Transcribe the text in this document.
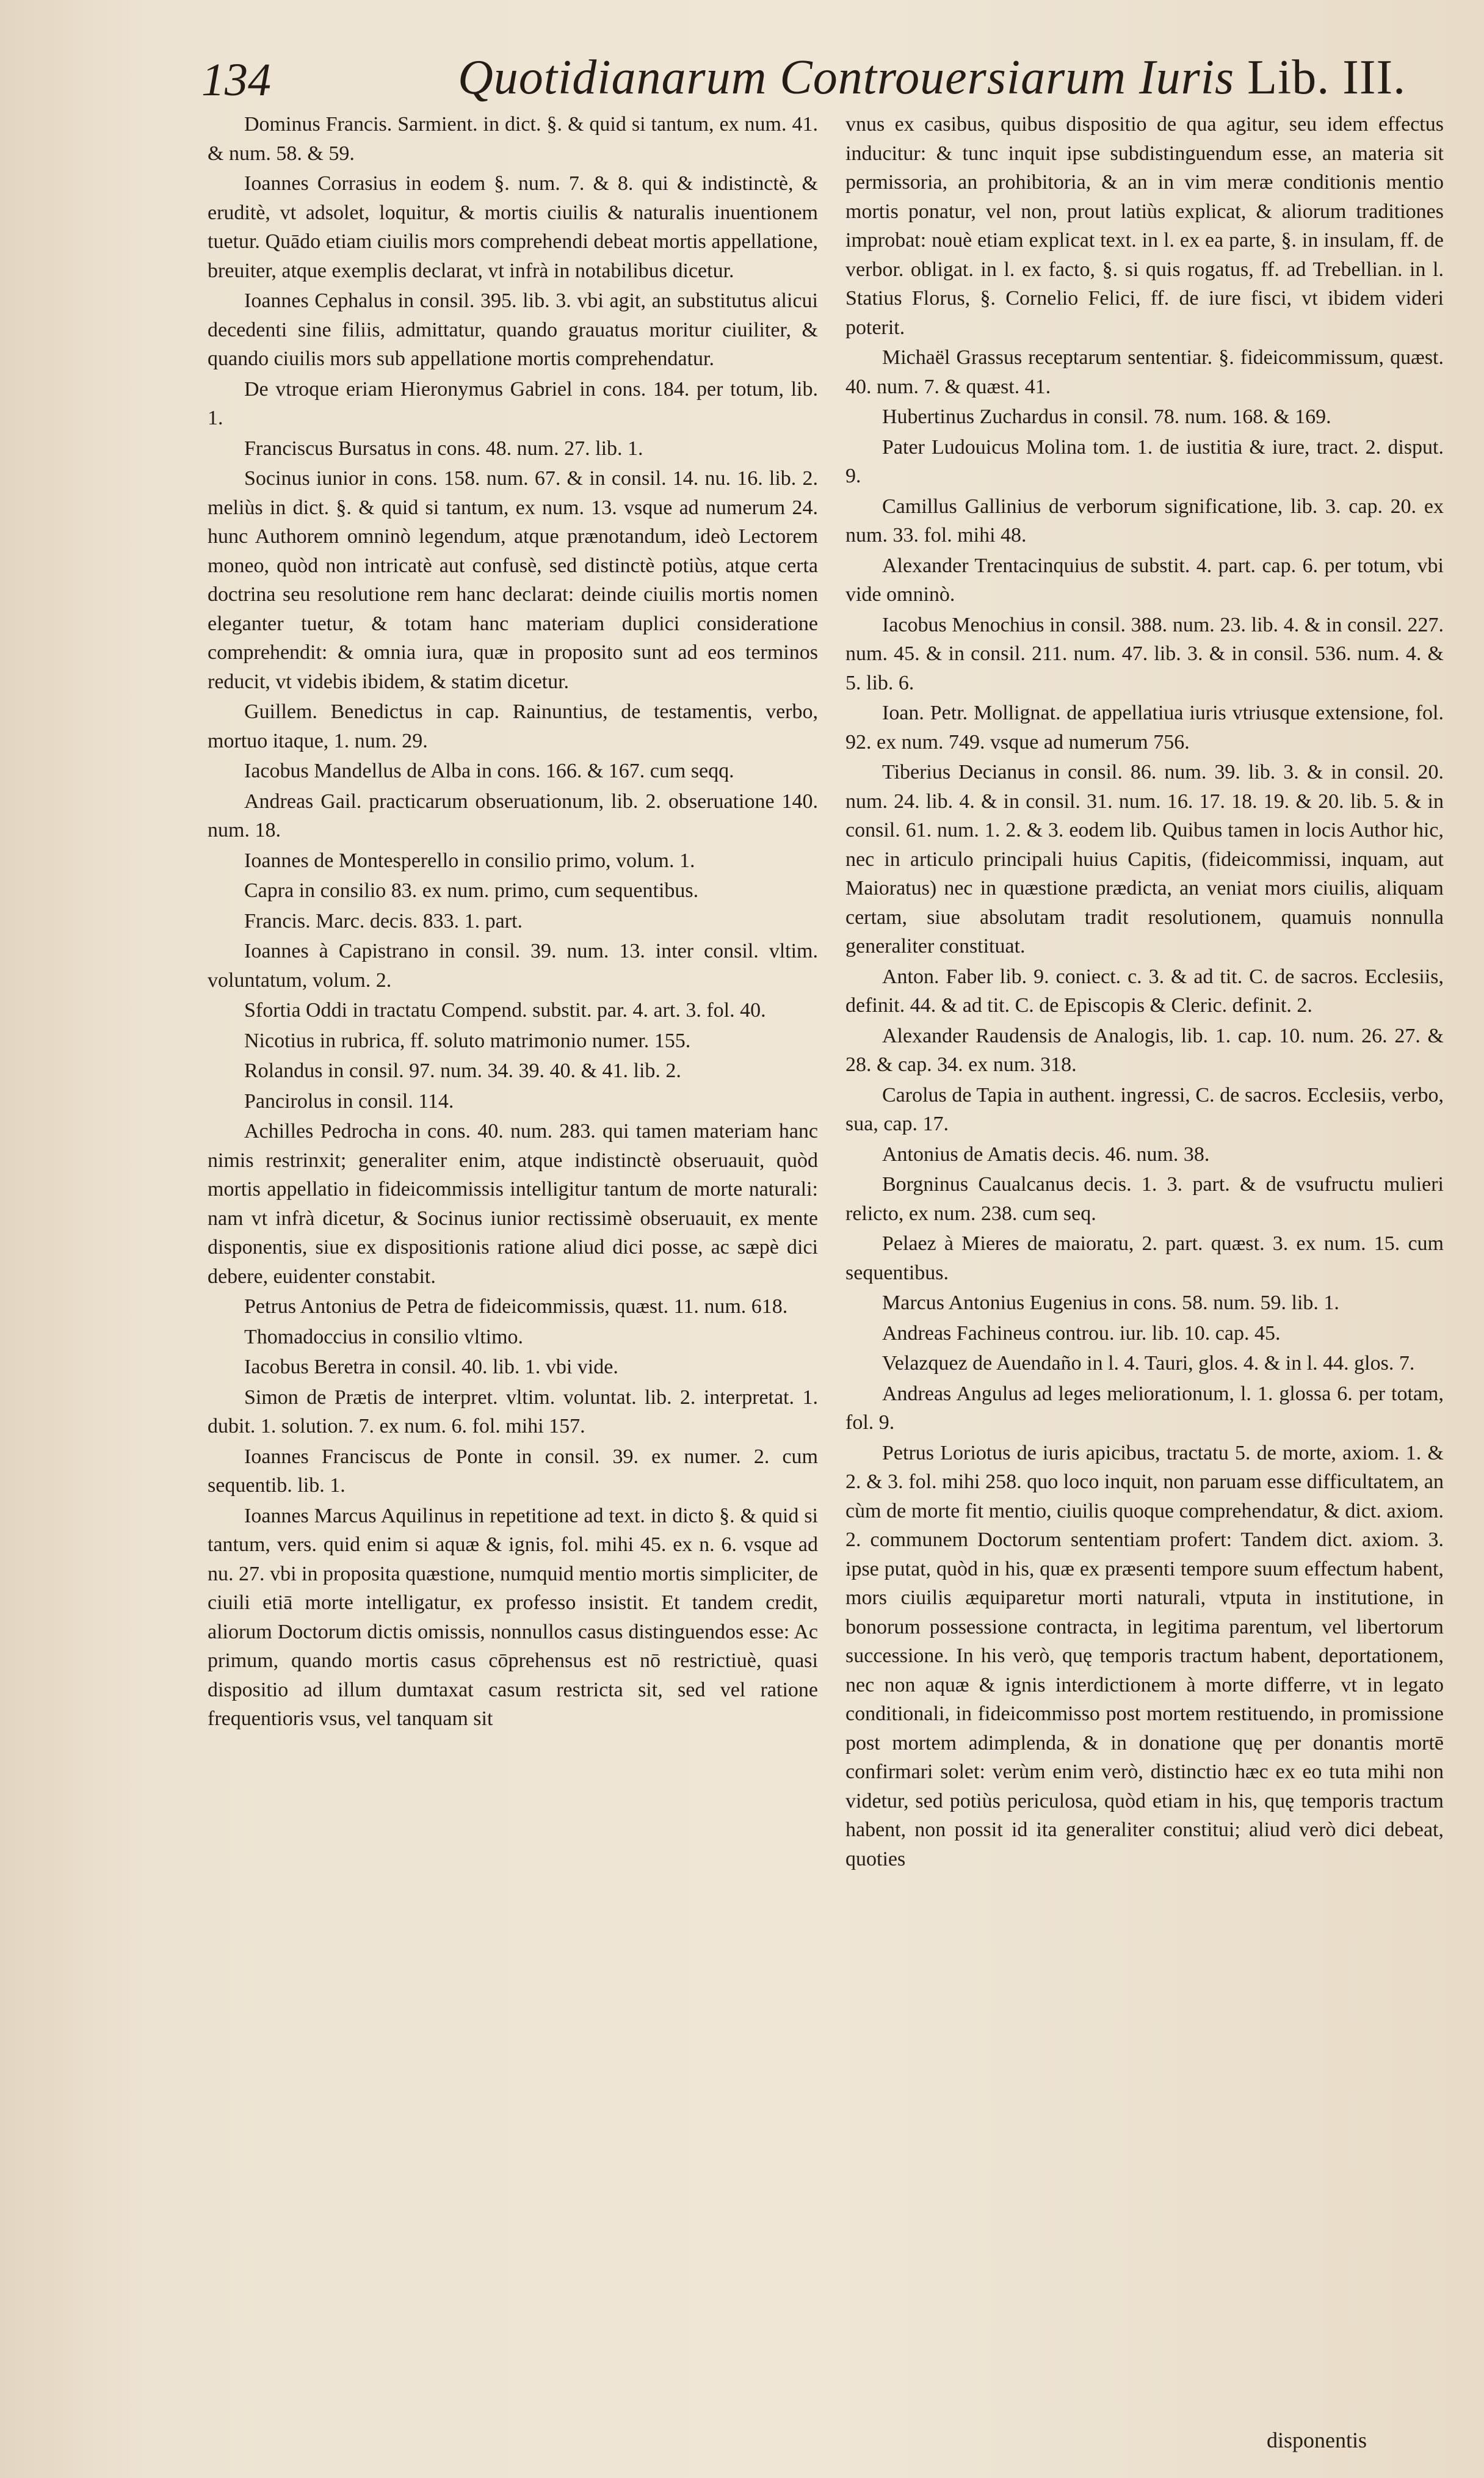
134	Quotidianarum Controuersiarum Iuris Lib. III.

Dominus Francis. Sarmient. in dict. §. & quid si tantum, ex num. 41. & num. 58. & 59.

Ioannes Corrasius in eodem §. num. 7. & 8. qui & indistinctè, & eruditè, vt adsolet, loquitur, & mortis ciuilis & naturalis inuentionem tuetur. Quādo etiam ciuilis mors comprehendi debeat mortis appellatione, breuiter, atque exemplis declarat, vt infrà in notabilibus dicetur.

Ioannes Cephalus in consil. 395. lib. 3. vbi agit, an substitutus alicui decedenti sine filiis, admittatur, quando grauatus moritur ciuiliter, & quando ciuilis mors sub appellatione mortis comprehendatur.

De vtroque eriam Hieronymus Gabriel in cons. 184. per totum, lib. 1.

Franciscus Bursatus in cons. 48. num. 27. lib. 1.

Socinus iunior in cons. 158. num. 67. & in consil. 14. nu. 16. lib. 2. meliùs in dict. §. & quid si tantum, ex num. 13. vsque ad numerum 24. hunc Authorem omninò legendum, atque prænotandum, ideò Lectorem moneo, quòd non intricatè aut confusè, sed distinctè potiùs, atque certa doctrina seu resolutione rem hanc declarat: deinde ciuilis mortis nomen eleganter tuetur, & totam hanc materiam duplici consideratione comprehendit: & omnia iura, quæ in proposito sunt ad eos terminos reducit, vt videbis ibidem, & statim dicetur.

Guillem. Benedictus in cap. Rainuntius, de testamentis, verbo, mortuo itaque, 1. num. 29.

Iacobus Mandellus de Alba in cons. 166. & 167. cum seqq.

Andreas Gail. practicarum obseruationum, lib. 2. obseruatione 140. num. 18.

Ioannes de Montesperello in consilio primo, volum. 1.

Capra in consilio 83. ex num. primo, cum sequentibus.

Francis. Marc. decis. 833. 1. part.

Ioannes à Capistrano in consil. 39. num. 13. inter consil. vltim. voluntatum, volum. 2.

Sfortia Oddi in tractatu Compend. substit. par. 4. art. 3. fol. 40.

Nicotius in rubrica, ff. soluto matrimonio numer. 155.

Rolandus in consil. 97. num. 34. 39. 40. & 41. lib. 2.

Pancirolus in consil. 114.

Achilles Pedrocha in cons. 40. num. 283. qui tamen materiam hanc nimis restrinxit; generaliter enim, atque indistinctè obseruauit, quòd mortis appellatio in fideicommissis intelligitur tantum de morte naturali: nam vt infrà dicetur, & Socinus iunior rectissimè obseruauit, ex mente disponentis, siue ex dispositionis ratione aliud dici posse, ac sæpè dici debere, euidenter constabit.

Petrus Antonius de Petra de fideicommissis, quæst. 11. num. 618.

Thomadoccius in consilio vltimo.

Iacobus Beretra in consil. 40. lib. 1. vbi vide.

Simon de Prætis de interpret. vltim. voluntat. lib. 2. interpretat. 1. dubit. 1. solution. 7. ex num. 6. fol. mihi 157.

Ioannes Franciscus de Ponte in consil. 39. ex numer. 2. cum sequentib. lib. 1.

Ioannes Marcus Aquilinus in repetitione ad text. in dicto §. & quid si tantum, vers. quid enim si aquæ & ignis, fol. mihi 45. ex n. 6. vsque ad nu. 27. vbi in proposita quæstione, numquid mentio mortis simpliciter, de ciuili etiā morte intelligatur, ex professo insistit. Et tandem credit, aliorum Doctorum dictis omissis, nonnullos casus distinguendos esse: Ac primum, quando mortis casus cōprehensus est nō restrictiuè, quasi dispositio ad illum dumtaxat casum restricta sit, sed vel ratione frequentioris vsus, vel tanquam sit

vnus ex casibus, quibus dispositio de qua agitur, seu idem effectus inducitur: & tunc inquit ipse subdistinguendum esse, an materia sit permissoria, an prohibitoria, & an in vim meræ conditionis mentio mortis ponatur, vel non, prout latiùs explicat, & aliorum traditiones improbat: nouè etiam explicat text. in l. ex ea parte, §. in insulam, ff. de verbor. obligat. in l. ex facto, §. si quis rogatus, ff. ad Trebellian. in l. Statius Florus, §. Cornelio Felici, ff. de iure fisci, vt ibidem videri poterit.

Michaël Grassus receptarum sententiar. §. fideicommissum, quæst. 40. num. 7. & quæst. 41.

Hubertinus Zuchardus in consil. 78. num. 168. & 169.

Pater Ludouicus Molina tom. 1. de iustitia & iure, tract. 2. disput. 9.

Camillus Gallinius de verborum significatione, lib. 3. cap. 20. ex num. 33. fol. mihi 48.

Alexander Trentacinquius de substit. 4. part. cap. 6. per totum, vbi vide omninò.

Iacobus Menochius in consil. 388. num. 23. lib. 4. & in consil. 227. num. 45. & in consil. 211. num. 47. lib. 3. & in consil. 536. num. 4. & 5. lib. 6.

Ioan. Petr. Mollignat. de appellatiua iuris vtriusque extensione, fol. 92. ex num. 749. vsque ad numerum 756.

Tiberius Decianus in consil. 86. num. 39. lib. 3. & in consil. 20. num. 24. lib. 4. & in consil. 31. num. 16. 17. 18. 19. & 20. lib. 5. & in consil. 61. num. 1. 2. & 3. eodem lib. Quibus tamen in locis Author hic, nec in articulo principali huius Capitis, (fideicommissi, inquam, aut Maioratus) nec in quæstione prædicta, an veniat mors ciuilis, aliquam certam, siue absolutam tradit resolutionem, quamuis nonnulla generaliter constituat.

Anton. Faber lib. 9. coniect. c. 3. & ad tit. C. de sacros. Ecclesiis, definit. 44. & ad tit. C. de Episcopis & Cleric. definit. 2.

Alexander Raudensis de Analogis, lib. 1. cap. 10. num. 26. 27. & 28. & cap. 34. ex num. 318.

Carolus de Tapia in authent. ingressi, C. de sacros. Ecclesiis, verbo, sua, cap. 17.

Antonius de Amatis decis. 46. num. 38.

Borgninus Caualcanus decis. 1. 3. part. & de vsufructu mulieri relicto, ex num. 238. cum seq.

Pelaez à Mieres de maioratu, 2. part. quæst. 3. ex num. 15. cum sequentibus.

Marcus Antonius Eugenius in cons. 58. num. 59. lib. 1.

Andreas Fachineus controu. iur. lib. 10. cap. 45.

Velazquez de Auendaño in l. 4. Tauri, glos. 4. & in l. 44. glos. 7.

Andreas Angulus ad leges meliorationum, l. 1. glossa 6. per totam, fol. 9.

Petrus Loriotus de iuris apicibus, tractatu 5. de morte, axiom. 1. & 2. & 3. fol. mihi 258. quo loco inquit, non paruam esse difficultatem, an cùm de morte fit mentio, ciuilis quoque comprehendatur, & dict. axiom. 2. communem Doctorum sententiam profert: Tandem dict. axiom. 3. ipse putat, quòd in his, quæ ex præsenti tempore suum effectum habent, mors ciuilis æquiparetur morti naturali, vtputa in institutione, in bonorum possessione contracta, in legitima parentum, vel libertorum successione. In his verò, quę temporis tractum habent, deportationem, nec non aquæ & ignis interdictionem à morte differre, vt in legato conditionali, in fideicommisso post mortem restituendo, in promissione post mortem adimplenda, & in donatione quę per donantis mortē confirmari solet: verùm enim verò, distinctio hæc ex eo tuta mihi non videtur, sed potiùs periculosa, quòd etiam in his, quę temporis tractum habent, non possit id ita generaliter constitui; aliud verò dici debeat, quoties

disponentis
